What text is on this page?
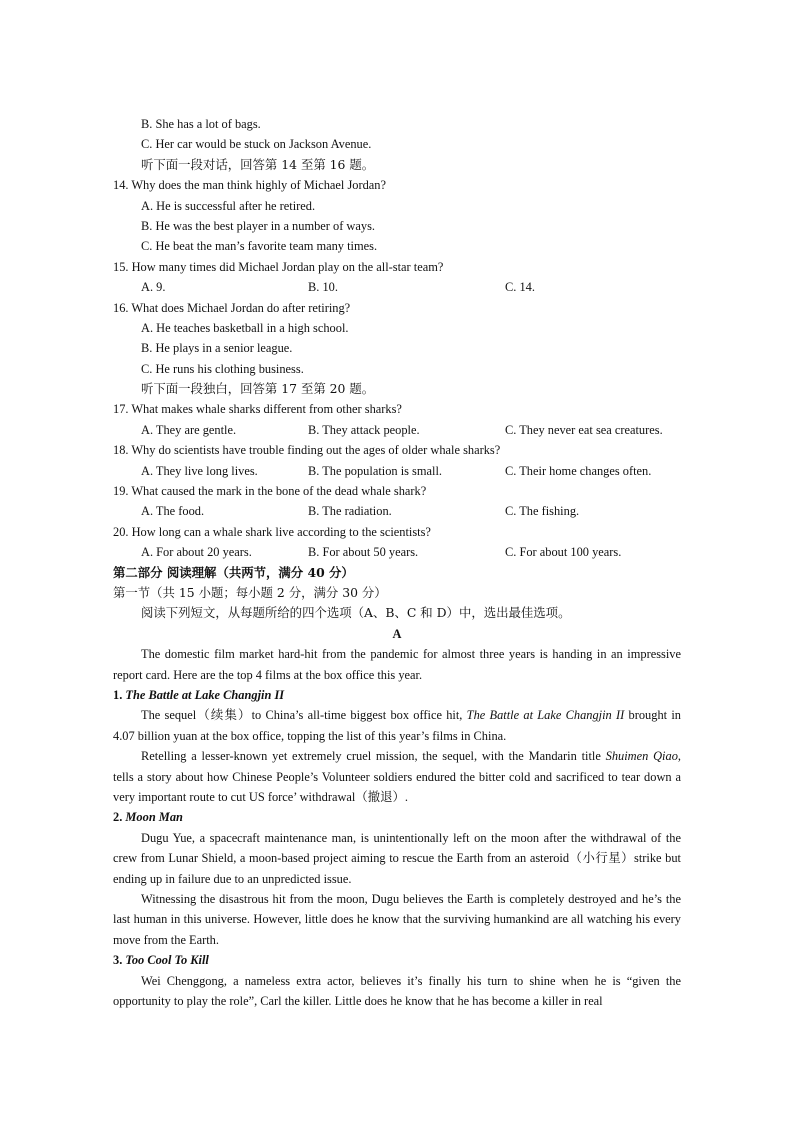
B. She has a lot of bags.
C. Her car would be stuck on Jackson Avenue.
听下面一段对话，回答第 14 至第 16 题。
14. Why does the man think highly of Michael Jordan?
A. He is successful after he retired.
B. He was the best player in a number of ways.
C. He beat the man’s favorite team many times.
15. How many times did Michael Jordan play on the all-star team?
A. 9.	B. 10.	C. 14.
16. What does Michael Jordan do after retiring?
A. He teaches basketball in a high school.
B. He plays in a senior league.
C. He runs his clothing business.
听下面一段独白，回答第 17 至第 20 题。
17. What makes whale sharks different from other sharks?
A. They are gentle.	B. They attack people.	C. They never eat sea creatures.
18. Why do scientists have trouble finding out the ages of older whale sharks?
A. They live long lives.	B. The population is small.	C. Their home changes often.
19. What caused the mark in the bone of the dead whale shark?
A. The food.	B. The radiation.	C. The fishing.
20. How long can a whale shark live according to the scientists?
A. For about 20 years.	B. For about 50 years.	C. For about 100 years.
第二部分 阅读理解（共两节，满分 40 分）
第一节（共 15 小题；每小题 2 分，满分 30 分）
阅读下列短文，从每题所给的四个选项（A、B、C 和 D）中，选出最佳选项。
A
The domestic film market hard-hit from the pandemic for almost three years is handing in an impressive report card. Here are the top 4 films at the box office this year.
1. The Battle at Lake Changjin II
The sequel（续集）to China’s all-time biggest box office hit, The Battle at Lake Changjin II brought in 4.07 billion yuan at the box office, topping the list of this year’s films in China.
Retelling a lesser-known yet extremely cruel mission, the sequel, with the Mandarin title Shuimen Qiao, tells a story about how Chinese People’s Volunteer soldiers endured the bitter cold and sacrificed to tear down a very important route to cut US force’ withdrawal（撤退）.
2. Moon Man
Dugu Yue, a spacecraft maintenance man, is unintentionally left on the moon after the withdrawal of the crew from Lunar Shield, a moon-based project aiming to rescue the Earth from an asteroid（小行星）strike but ending up in failure due to an unpredicted issue.
Witnessing the disastrous hit from the moon, Dugu believes the Earth is completely destroyed and he’s the last human in this universe. However, little does he know that the surviving humankind are all watching his every move from the Earth.
3. Too Cool To Kill
Wei Chenggong, a nameless extra actor, believes it’s finally his turn to shine when he is “given the opportunity to play the role”, Carl the killer. Little does he know that he has become a killer in real
